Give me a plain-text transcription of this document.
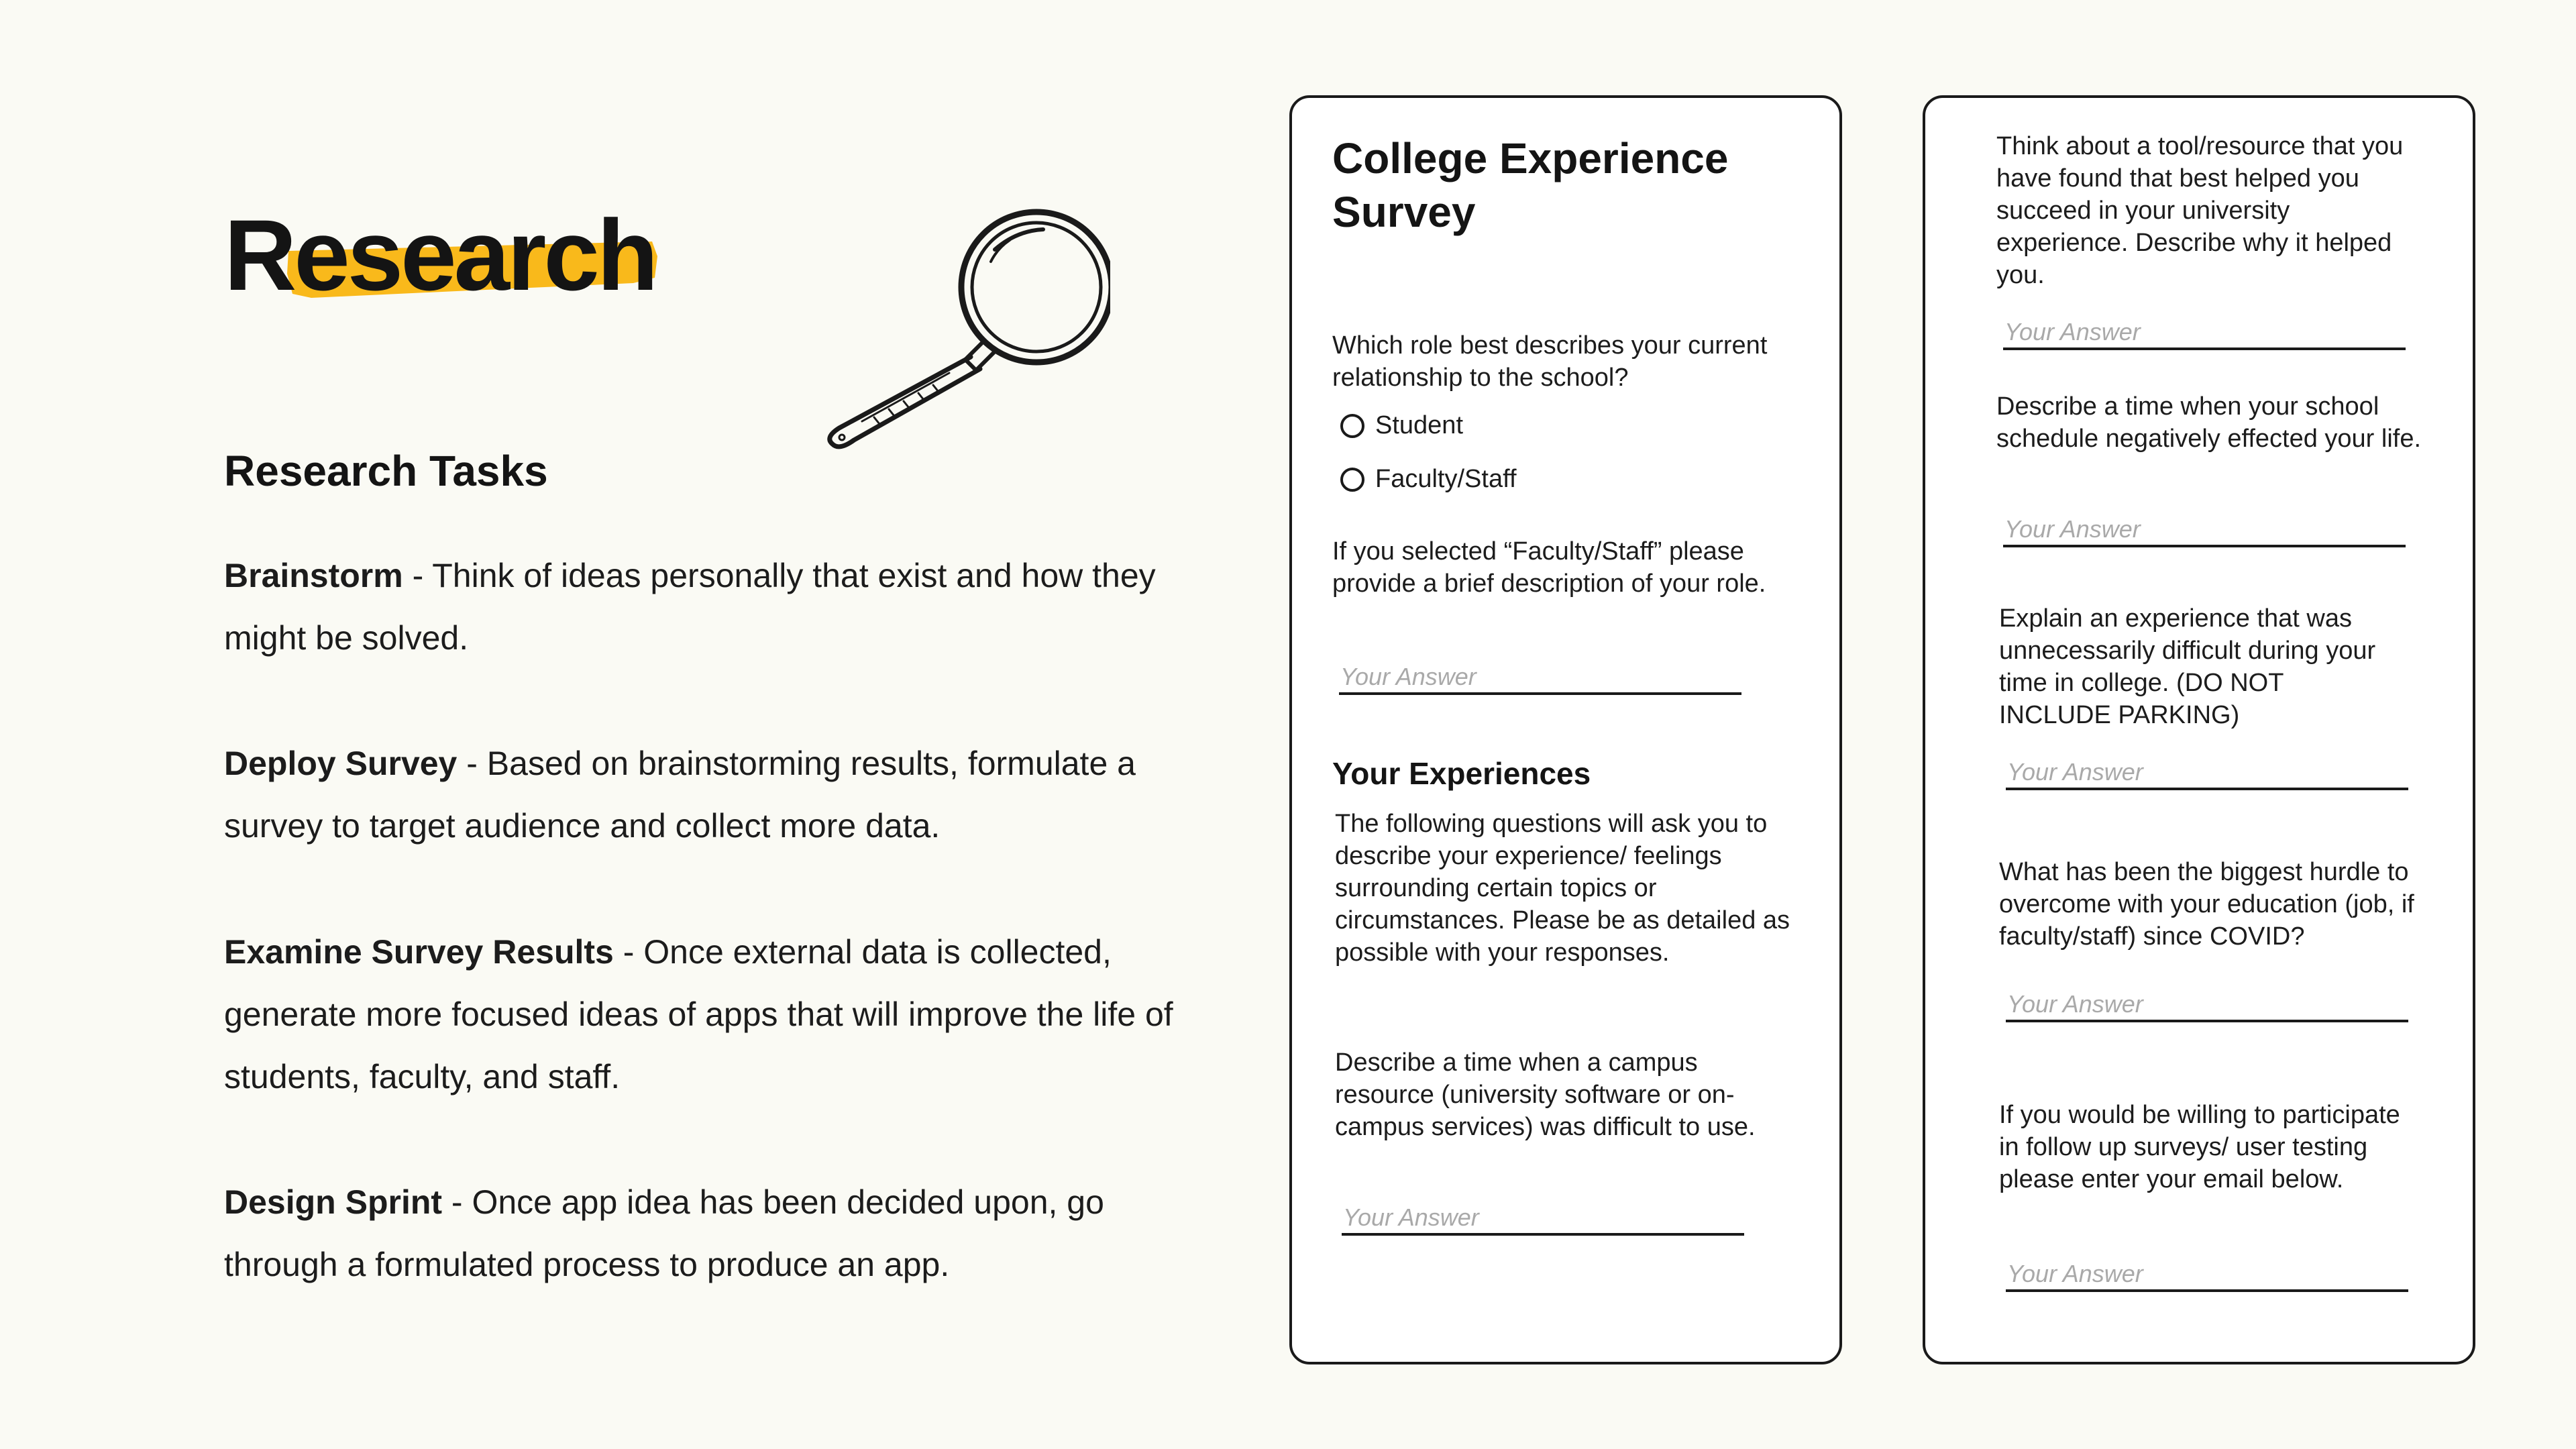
Research
Research Tasks

Brainstorm - Think of ideas personally that exist and how they might be solved.

Deploy Survey - Based on brainstorming results, formulate a survey to target audience and collect more data.

Examine Survey Results - Once external data is collected, generate more focused ideas of apps that will improve the life of students, faculty, and staff.

Design Sprint - Once app idea has been decided upon, go through a formulated process to produce an app.

College Experience Survey

Which role best describes your current relationship to the school?

Student
Faculty/Staff

If you selected “Faculty/Staff” please provide a brief description of your role.

Your Answer
Your Experiences

The following questions will ask you to describe your experience/ feelings surrounding certain topics or circumstances. Please be as detailed as possible with your responses.

Describe a time when a campus resource (university software or on-campus services) was difficult to use.

Your Answer

Think about a tool/resource that you have found that best helped you succeed in your university experience. Describe why it helped you.

Your Answer

Describe a time when your school schedule negatively effected your life.

Your Answer

Explain an experience that was unnecessarily difficult during your time in college. (DO NOT INCLUDE PARKING)

Your Answer

What has been the biggest hurdle to overcome with your education (job, if faculty/staff) since COVID?

Your Answer

If you would be willing to participate in follow up surveys/ user testing please enter your email below.

Your Answer
